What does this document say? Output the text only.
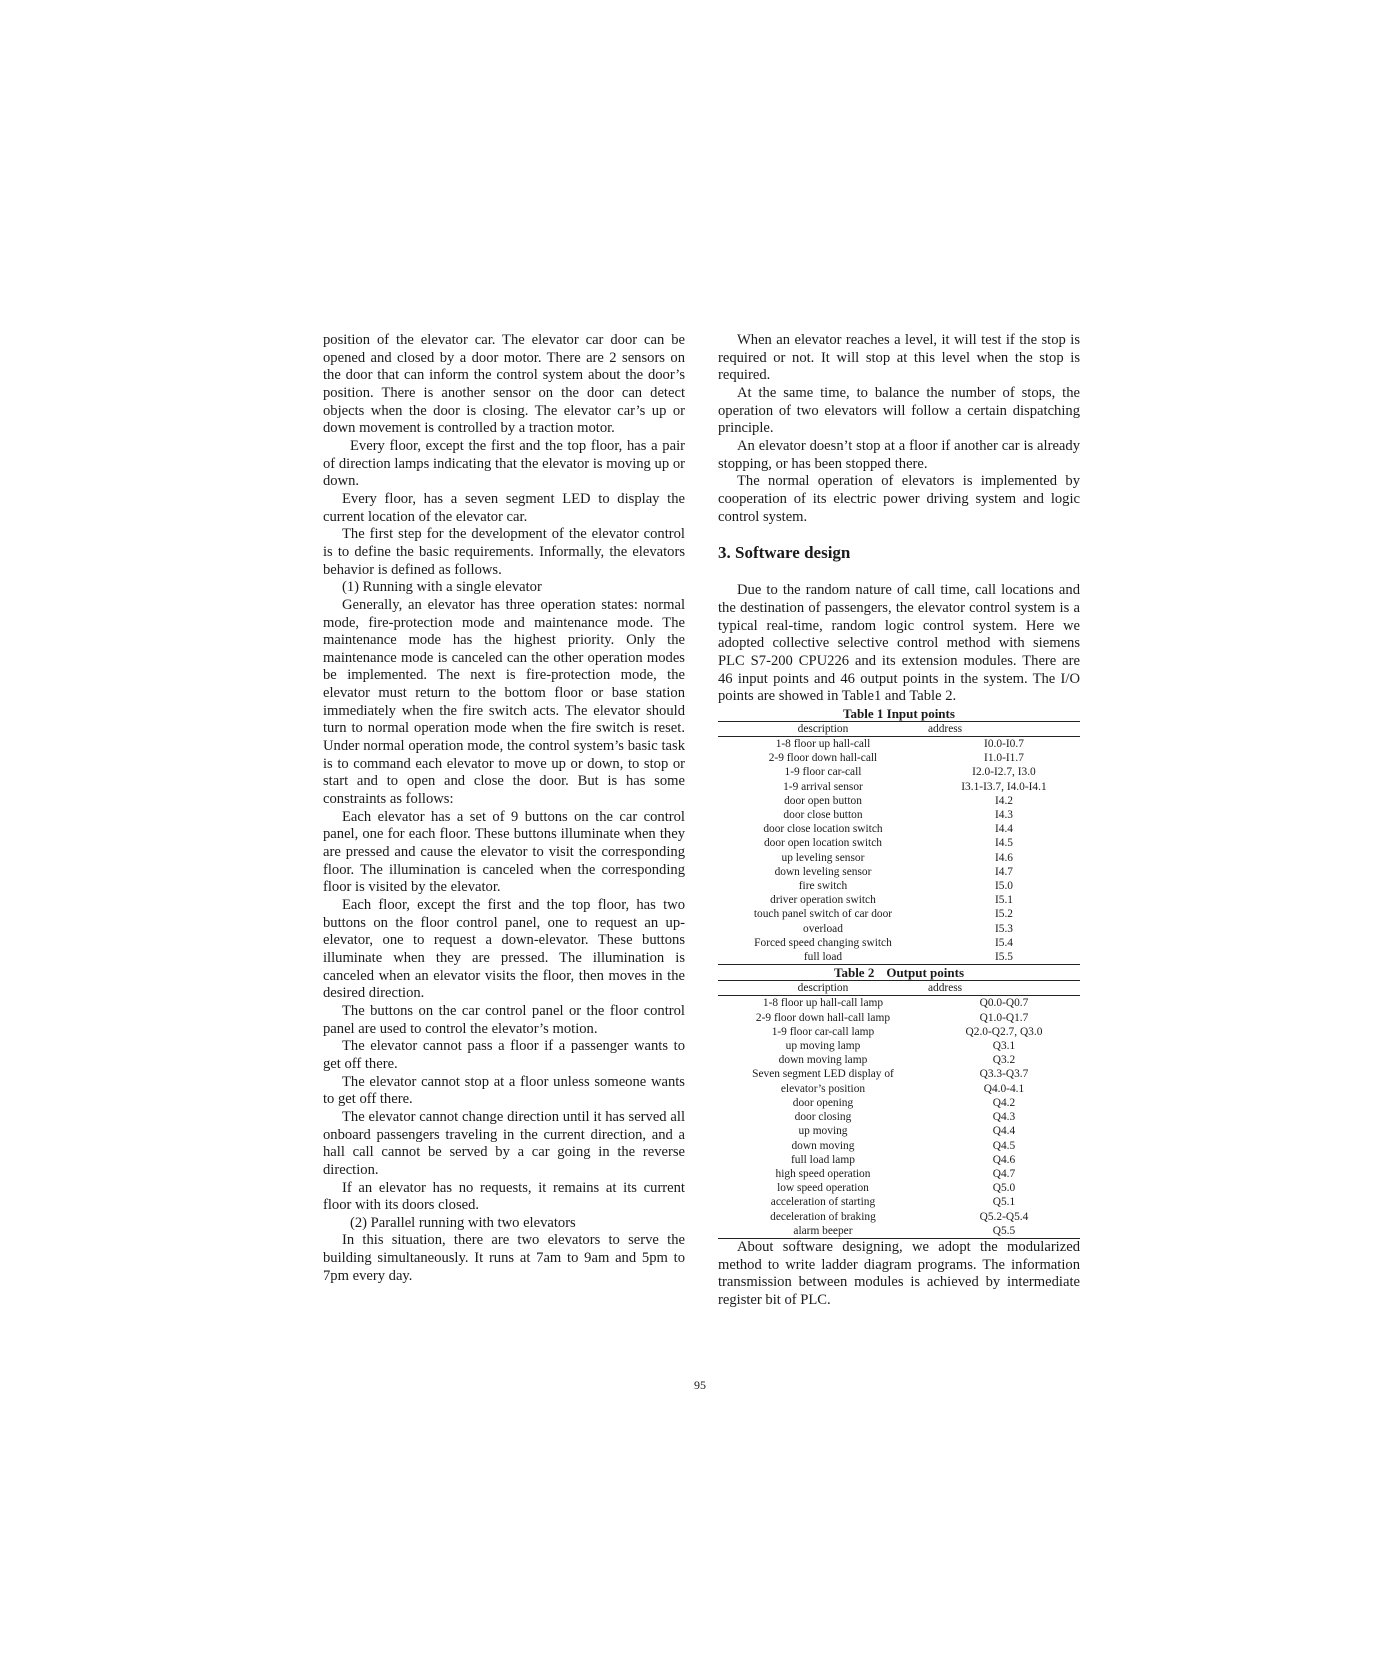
position of the elevator car. The elevator car door can be opened and closed by a door motor. There are 2 sensors on the door that can inform the control system about the door’s position. There is another sensor on the door can detect objects when the door is closing. The elevator car’s up or down movement is controlled by a traction motor.

Every floor, except the first and the top floor, has a pair of direction lamps indicating that the elevator is moving up or down.

Every floor, has a seven segment LED to display the current location of the elevator car.

The first step for the development of the elevator control is to define the basic requirements. Informally, the elevators behavior is defined as follows.

(1) Running with a single elevator

Generally, an elevator has three operation states: normal mode, fire-protection mode and maintenance mode. The maintenance mode has the highest priority. Only the maintenance mode is canceled can the other operation modes be implemented. The next is fire-protection mode, the elevator must return to the bottom floor or base station immediately when the fire switch acts. The elevator should turn to normal operation mode when the fire switch is reset. Under normal operation mode, the control system’s basic task is to command each elevator to move up or down, to stop or start and to open and close the door. But is has some constraints as follows:

Each elevator has a set of 9 buttons on the car control panel, one for each floor. These buttons illuminate when they are pressed and cause the elevator to visit the corresponding floor. The illumination is canceled when the corresponding floor is visited by the elevator.

Each floor, except the first and the top floor, has two buttons on the floor control panel, one to request an up-elevator, one to request a down-elevator. These buttons illuminate when they are pressed. The illumination is canceled when an elevator visits the floor, then moves in the desired direction.

The buttons on the car control panel or the floor control panel are used to control the elevator’s motion.

The elevator cannot pass a floor if a passenger wants to get off there.

The elevator cannot stop at a floor unless someone wants to get off there.

The elevator cannot change direction until it has served all onboard passengers traveling in the current direction, and a hall call cannot be served by a car going in the reverse direction.

If an elevator has no requests, it remains at its current floor with its doors closed.

(2) Parallel running with two elevators

In this situation, there are two elevators to serve the building simultaneously. It runs at 7am to 9am and 5pm to 7pm every day.

When an elevator reaches a level, it will test if the stop is required or not. It will stop at this level when the stop is required.

At the same time, to balance the number of stops, the operation of two elevators will follow a certain dispatching principle.

An elevator doesn’t stop at a floor if another car is already stopping, or has been stopped there.

The normal operation of elevators is implemented by cooperation of its electric power driving system and logic control system.

3. Software design

Due to the random nature of call time, call locations and the destination of passengers, the elevator control system is a typical real-time, random logic control system. Here we adopted collective selective control method with siemens PLC S7-200 CPU226 and its extension modules. There are 46 input points and 46 output points in the system. The I/O points are showed in Table1 and Table 2.

Table 1 Input points
description	address
1-8 floor up hall-call	I0.0-I0.7
2-9 floor down hall-call	I1.0-I1.7
1-9 floor car-call	I2.0-I2.7, I3.0
1-9 arrival sensor	I3.1-I3.7, I4.0-I4.1
door open button	I4.2
door close button	I4.3
door close location switch	I4.4
door open location switch	I4.5
up leveling sensor	I4.6
down leveling sensor	I4.7
fire switch	I5.0
driver operation switch	I5.1
touch panel switch of car door	I5.2
overload	I5.3
Forced speed changing switch	I5.4
full load	I5.5
Table 2 Output points
description	address
1-8 floor up hall-call lamp	Q0.0-Q0.7
2-9 floor down hall-call lamp	Q1.0-Q1.7
1-9 floor car-call lamp	Q2.0-Q2.7, Q3.0
up moving lamp	Q3.1
down moving lamp	Q3.2
Seven segment LED display of	Q3.3-Q3.7
elevator’s position	Q4.0-4.1
door opening	Q4.2
door closing	Q4.3
up moving	Q4.4
down moving	Q4.5
full load lamp	Q4.6
high speed operation	Q4.7
low speed operation	Q5.0
acceleration of starting	Q5.1
deceleration of braking	Q5.2-Q5.4
alarm beeper	Q5.5

About software designing, we adopt the modularized method to write ladder diagram programs. The information transmission between modules is achieved by intermediate register bit of PLC.

95
